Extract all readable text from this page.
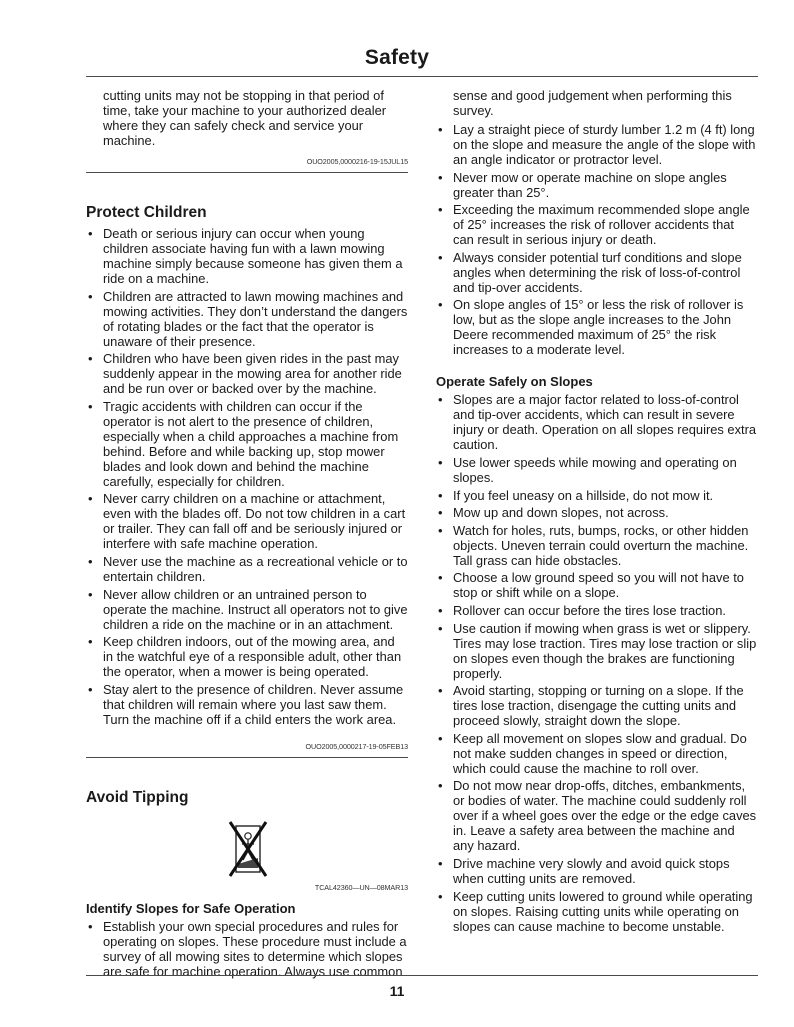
Safety

cutting units may not be stopping in that period of time, take your machine to your authorized dealer where they can safely check and service your machine.

OUO2005,0000216-19-15JUL15

Protect Children
• Death or serious injury can occur when young children associate having fun with a lawn mowing machine simply because someone has given them a ride on a machine.
• Children are attracted to lawn mowing machines and mowing activities. They don’t understand the dangers of rotating blades or the fact that the operator is unaware of their presence.
• Children who have been given rides in the past may suddenly appear in the mowing area for another ride and be run over or backed over by the machine.
• Tragic accidents with children can occur if the operator is not alert to the presence of children, especially when a child approaches a machine from behind. Before and while backing up, stop mower blades and look down and behind the machine carefully, especially for children.
• Never carry children on a machine or attachment, even with the blades off. Do not tow children in a cart or trailer. They can fall off and be seriously injured or interfere with safe machine operation.
• Never use the machine as a recreational vehicle or to entertain children.
• Never allow children or an untrained person to operate the machine. Instruct all operators not to give children a ride on the machine or in an attachment.
• Keep children indoors, out of the mowing area, and in the watchful eye of a responsible adult, other than the operator, when a mower is being operated.
• Stay alert to the presence of children. Never assume that children will remain where you last saw them. Turn the machine off if a child enters the work area.

OUO2005,0000217-19-05FEB13

Avoid Tipping

TCAL42360—UN—08MAR13

Identify Slopes for Safe Operation
• Establish your own special procedures and rules for operating on slopes. These procedure must include a survey of all mowing sites to determine which slopes are safe for machine operation. Always use common

sense and good judgement when performing this survey.

• Lay a straight piece of sturdy lumber 1.2 m (4 ft) long on the slope and measure the angle of the slope with an angle indicator or protractor level.
• Never mow or operate machine on slope angles greater than 25°.
• Exceeding the maximum recommended slope angle of 25° increases the risk of rollover accidents that can result in serious injury or death.
• Always consider potential turf conditions and slope angles when determining the risk of loss-of-control and tip-over accidents.
• On slope angles of 15° or less the risk of rollover is low, but as the slope angle increases to the John Deere recommended maximum of 25° the risk increases to a moderate level.
Operate Safely on Slopes
• Slopes are a major factor related to loss-of-control and tip-over accidents, which can result in severe injury or death. Operation on all slopes requires extra caution.
• Use lower speeds while mowing and operating on slopes.
• If you feel uneasy on a hillside, do not mow it.
• Mow up and down slopes, not across.
• Watch for holes, ruts, bumps, rocks, or other hidden objects. Uneven terrain could overturn the machine. Tall grass can hide obstacles.
• Choose a low ground speed so you will not have to stop or shift while on a slope.
• Rollover can occur before the tires lose traction.
• Use caution if mowing when grass is wet or slippery. Tires may lose traction. Tires may lose traction or slip on slopes even though the brakes are functioning properly.
• Avoid starting, stopping or turning on a slope. If the tires lose traction, disengage the cutting units and proceed slowly, straight down the slope.
• Keep all movement on slopes slow and gradual. Do not make sudden changes in speed or direction, which could cause the machine to roll over.
• Do not mow near drop-offs, ditches, embankments, or bodies of water. The machine could suddenly roll over if a wheel goes over the edge or the edge caves in. Leave a safety area between the machine and any hazard.
• Drive machine very slowly and avoid quick stops when cutting units are removed.
• Keep cutting units lowered to ground while operating on slopes. Raising cutting units while operating on slopes can cause machine to become unstable.
11
